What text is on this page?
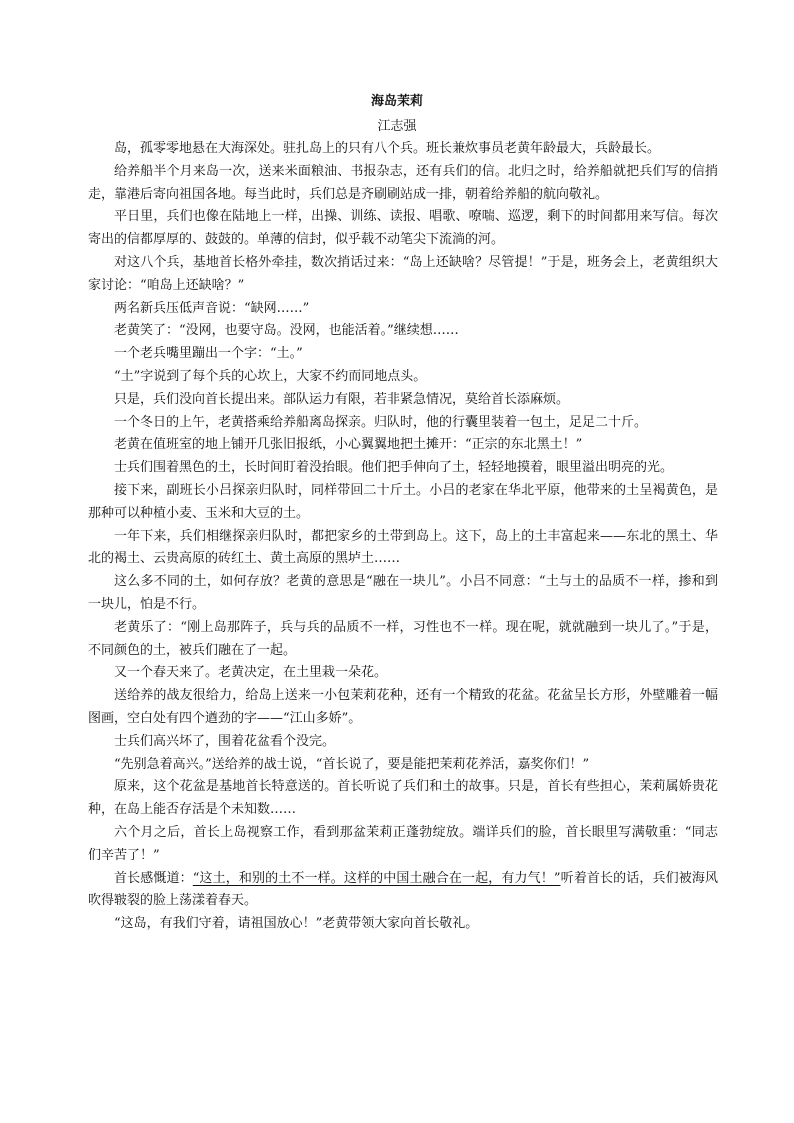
海岛茉莉
江志强

岛，孤零零地悬在大海深处。驻扎岛上的只有八个兵。班长兼炊事员老黄年龄最大，兵龄最长。

给养船半个月来岛一次，送来米面粮油、书报杂志，还有兵们的信。北归之时，给养船就把兵们写的信捎走，靠港后寄向祖国各地。每当此时，兵们总是齐刷刷站成一排，朝着给养船的航向敬礼。

平日里，兵们也像在陆地上一样，出操、训练、读报、唱歌、嘹喘、巡逻，剩下的时间都用来写信。每次寄出的信都厚厚的、鼓鼓的。单薄的信封，似乎载不动笔尖下流淌的河。

对这八个兵，基地首长格外牵挂，数次捎话过来：“岛上还缺啥？尽管提！”于是，班务会上，老黄组织大家讨论：“咱岛上还缺啥？”

两名新兵压低声音说：“缺网……”

老黄笑了：“没网，也要守岛。没网，也能活着。”继续想……

一个老兵嘴里蹦出一个字：“土。”

“土”字说到了每个兵的心坎上，大家不约而同地点头。

只是，兵们没向首长提出来。部队运力有限，若非紧急情况，莫给首长添麻烦。

一个冬日的上午，老黄搭乘给养船离岛探亲。归队时，他的行囊里装着一包土，足足二十斤。

老黄在值班室的地上铺开几张旧报纸，小心翼翼地把土摊开：“正宗的东北黑土！”

士兵们围着黑色的土，长时间盯着没抬眼。他们把手伸向了土，轻轻地摸着，眼里溢出明亮的光。

接下来，副班长小吕探亲归队时，同样带回二十斤土。小吕的老家在华北平原，他带来的土呈褐黄色，是那种可以种植小麦、玉米和大豆的土。

一年下来，兵们相继探亲归队时，都把家乡的土带到岛上。这下，岛上的土丰富起来——东北的黑土、华北的褐土、云贵高原的砖红土、黄土高原的黑垆土……

这么多不同的土，如何存放？老黄的意思是“融在一块儿”。小吕不同意：“土与土的品质不一样，掺和到一块儿，怕是不行。

老黄乐了：“刚上岛那阵子，兵与兵的品质不一样，习性也不一样。现在呢，就就融到一块儿了。”于是，不同颜色的土，被兵们融在了一起。

又一个春天来了。老黄决定，在土里栽一朵花。

送给养的战友很给力，给岛上送来一小包茉莉花种，还有一个精致的花盆。花盆呈长方形，外壁雕着一幅图画，空白处有四个遒劲的字——“江山多娇”。

士兵们高兴坏了，围着花盆看个没完。

“先别急着高兴。”送给养的战士说，“首长说了，要是能把茉莉花养活，嘉奖你们！”

原来，这个花盆是基地首长特意送的。首长听说了兵们和土的故事。只是，首长有些担心，茉莉属娇贵花种，在岛上能否存活是个未知数……

六个月之后，首长上岛视察工作，看到那盆茉莉正蓬勃绽放。端详兵们的脸，首长眼里写满敬重：“同志们辛苦了！”

首长感慨道：“这土，和别的土不一样。这样的中国土融合在一起，有力气！”听着首长的话，兵们被海风吹得皲裂的脸上荡漾着春天。

“这岛，有我们守着，请祖国放心！”老黄带领大家向首长敬礼。
